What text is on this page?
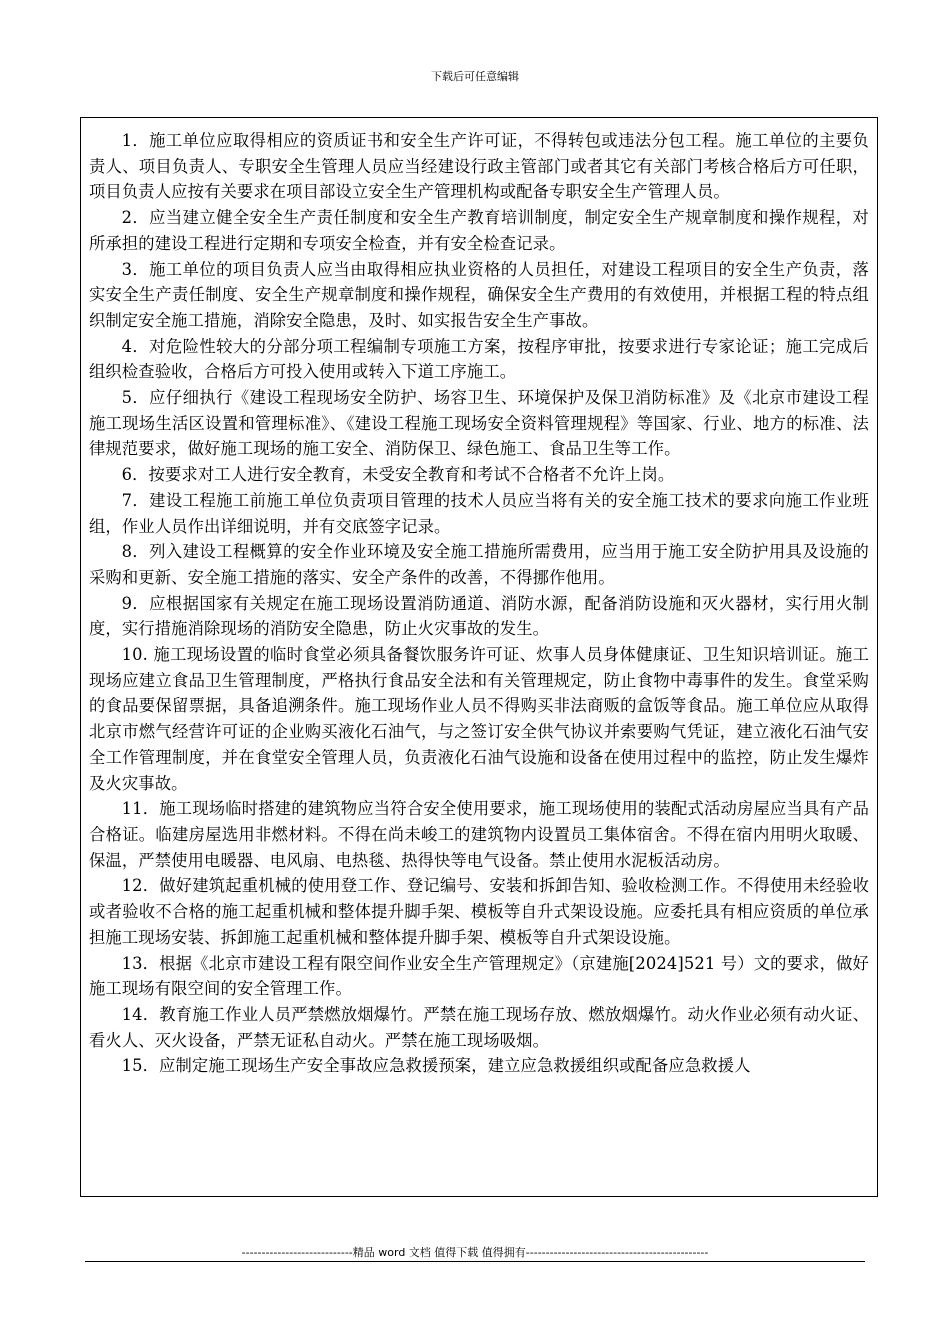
下载后可任意编辑

1．施工单位应取得相应的资质证书和安全生产许可证，不得转包或违法分包工程。施工单位的主要负责人、项目负责人、专职安全生管理人员应当经建设行政主管部门或者其它有关部门考核合格后方可任职，项目负责人应按有关要求在项目部设立安全生产管理机构或配备专职安全生产管理人员。

2．应当建立健全安全生产责任制度和安全生产教育培训制度，制定安全生产规章制度和操作规程，对所承担的建设工程进行定期和专项安全检查，并有安全检查记录。

3．施工单位的项目负责人应当由取得相应执业资格的人员担任，对建设工程项目的安全生产负责，落实安全生产责任制度、安全生产规章制度和操作规程，确保安全生产费用的有效使用，并根据工程的特点组织制定安全施工措施，消除安全隐患，及时、如实报告安全生产事故。

4．对危险性较大的分部分项工程编制专项施工方案，按程序审批，按要求进行专家论证；施工完成后组织检查验收，合格后方可投入使用或转入下道工序施工。

5．应仔细执行《建设工程现场安全防护、场容卫生、环境保护及保卫消防标准》及《北京市建设工程施工现场生活区设置和管理标准》、《建设工程施工现场安全资料管理规程》等国家、行业、地方的标准、法律规范要求，做好施工现场的施工安全、消防保卫、绿色施工、食品卫生等工作。

6．按要求对工人进行安全教育，未受安全教育和考试不合格者不允许上岗。

7．建设工程施工前施工单位负责项目管理的技术人员应当将有关的安全施工技术的要求向施工作业班组，作业人员作出详细说明，并有交底签字记录。

8．列入建设工程概算的安全作业环境及安全施工措施所需费用，应当用于施工安全防护用具及设施的采购和更新、安全施工措施的落实、安全产条件的改善，不得挪作他用。

9．应根据国家有关规定在施工现场设置消防通道、消防水源，配备消防设施和灭火器材，实行用火制度，实行措施消除现场的消防安全隐患，防止火灾事故的发生。

10. 施工现场设置的临时食堂必须具备餐饮服务许可证、炊事人员身体健康证、卫生知识培训证。施工现场应建立食品卫生管理制度，严格执行食品安全法和有关管理规定，防止食物中毒事件的发生。食堂采购的食品要保留票据，具备追溯条件。施工现场作业人员不得购买非法商贩的盒饭等食品。施工单位应从取得北京市燃气经营许可证的企业购买液化石油气，与之签订安全供气协议并索要购气凭证，建立液化石油气安全工作管理制度，并在食堂安全管理人员，负责液化石油气设施和设备在使用过程中的监控，防止发生爆炸及火灾事故。

11．施工现场临时搭建的建筑物应当符合安全使用要求，施工现场使用的装配式活动房屋应当具有产品合格证。临建房屋选用非燃材料。不得在尚未峻工的建筑物内设置员工集体宿舍。不得在宿内用明火取暖、保温，严禁使用电暖器、电风扇、电热毯、热得快等电气设备。禁止使用水泥板活动房。

12．做好建筑起重机械的使用登工作、登记编号、安装和拆卸告知、验收检测工作。不得使用未经验收或者验收不合格的施工起重机械和整体提升脚手架、模板等自升式架设设施。应委托具有相应资质的单位承担施工现场安装、拆卸施工起重机械和整体提升脚手架、模板等自升式架设设施。

13．根据《北京市建设工程有限空间作业安全生产管理规定》（京建施[2024]521 号）文的要求，做好施工现场有限空间的安全管理工作。

14．教育施工作业人员严禁燃放烟爆竹。严禁在施工现场存放、燃放烟爆竹。动火作业必须有动火证、看火人、灭火设备，严禁无证私自动火。严禁在施工现场吸烟。

15．应制定施工现场生产安全事故应急救援预案，建立应急救援组织或配备应急救援人

----------------------------精品 word 文档 值得下载 值得拥有----------------------------------------------
